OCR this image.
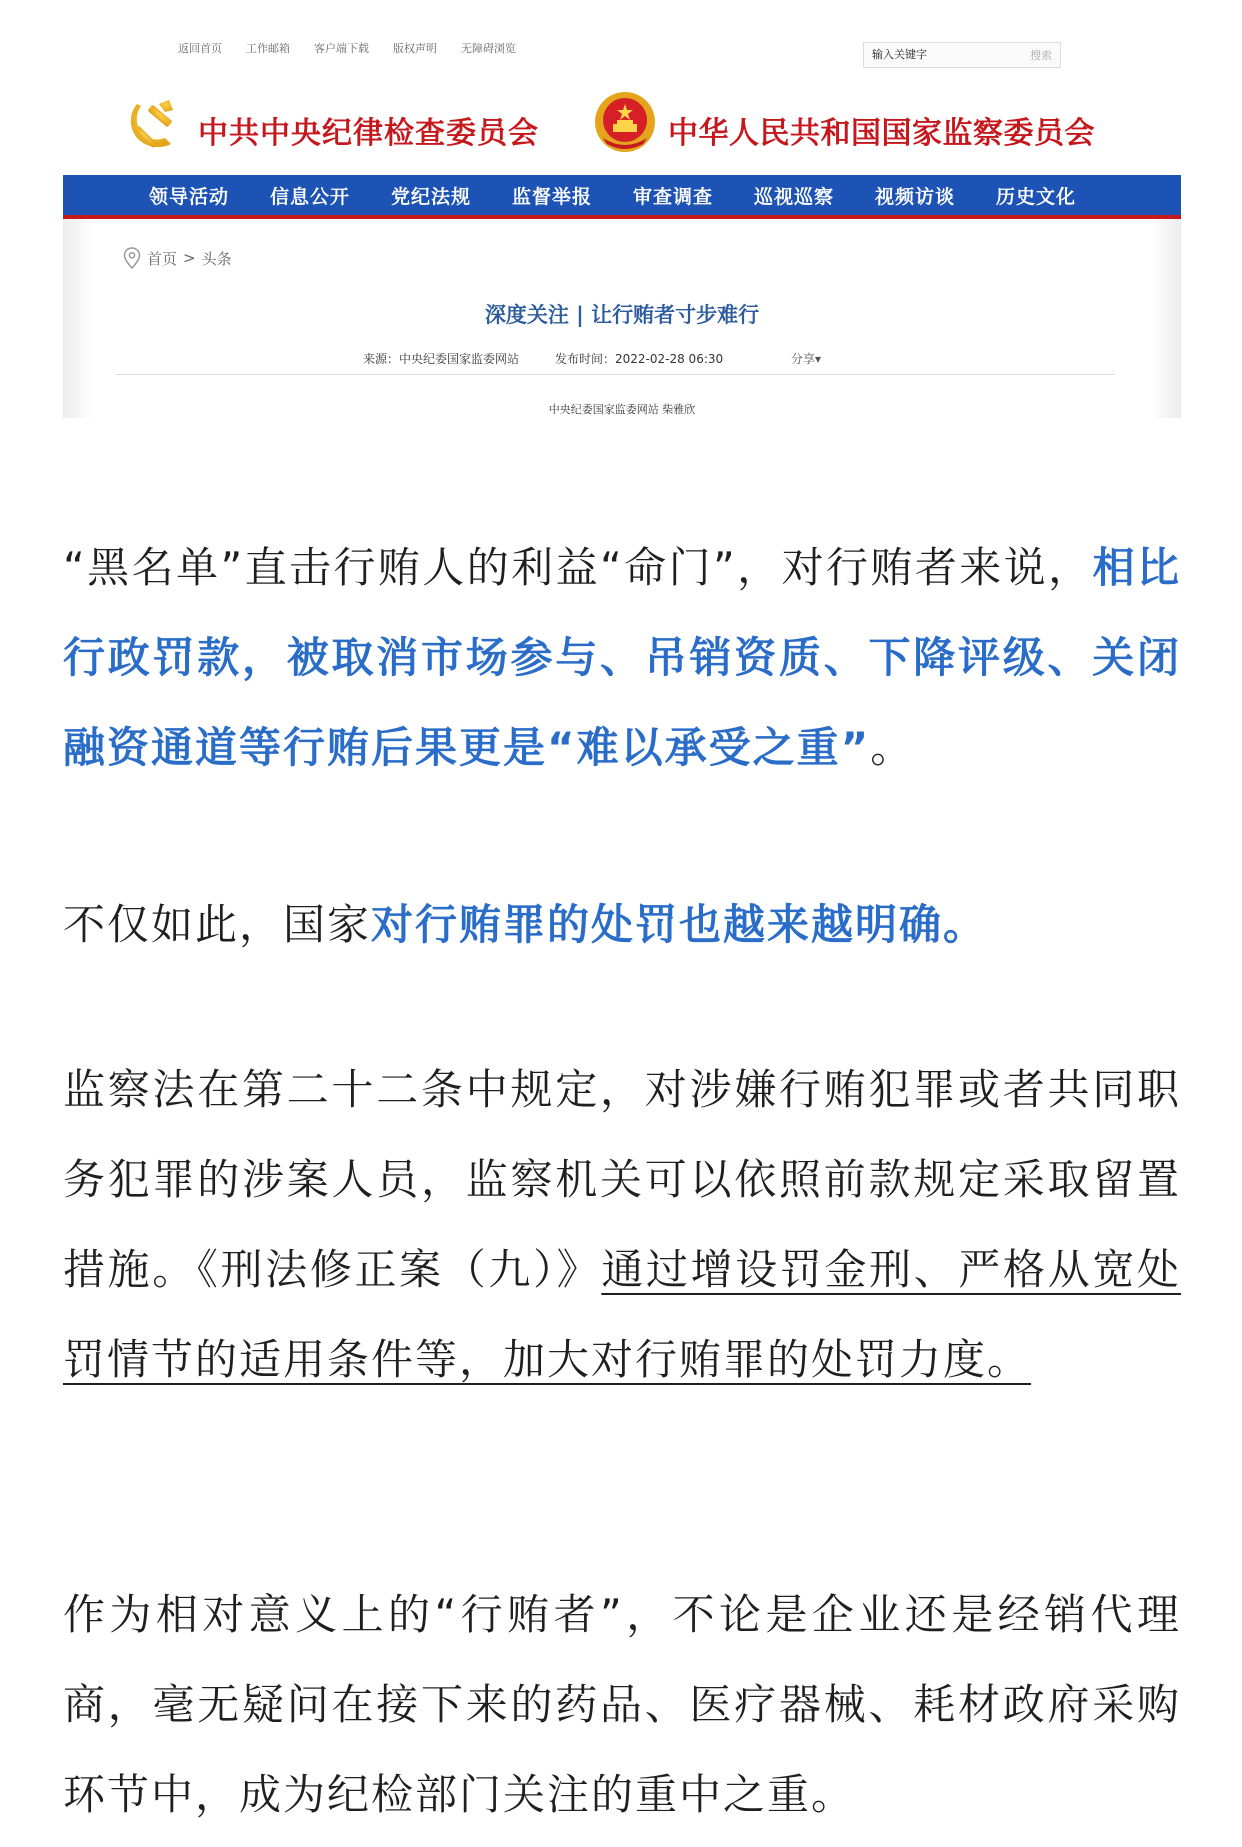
返回首页 工作邮箱 客户端下载 版权声明 无障碍浏览
输入关键字	搜索
中共中央纪律检查委员会	中华人民共和国国家监察委员会
领导活动	信息公开	党纪法规	监督举报	审查调查	巡视巡察	视频访谈	历史文化
首页 > 头条
深度关注 | 让行贿者寸步难行
来源：中央纪委国家监委网站	发布时间：2022-02-28 06:30	分享▾
中央纪委国家监委网站 柴雅欣

“黑名单”直击行贿人的利益“命门”，对行贿者来说，相比行政罚款，被取消市场参与、吊销资质、下降评级、关闭融资通道等行贿后果更是“难以承受之重”。

不仅如此，国家对行贿罪的处罚也越来越明确。

监察法在第二十二条中规定，对涉嫌行贿犯罪或者共同职务犯罪的涉案人员，监察机关可以依照前款规定采取留置措施。《刑法修正案（九）》通过增设罚金刑、严格从宽处罚情节的适用条件等，加大对行贿罪的处罚力度。

作为相对意义上的“行贿者”，不论是企业还是经销代理商，毫无疑问在接下来的药品、医疗器械、耗材政府采购环节中，成为纪检部门关注的重中之重。
